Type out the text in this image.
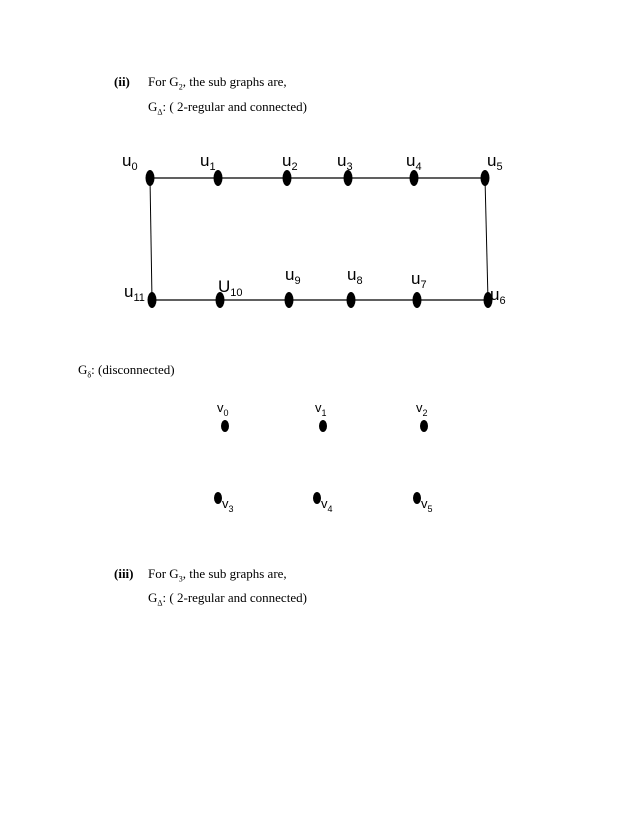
(ii) For $G_2$, the sub graphs are,
$G_\Delta$: ( 2-regular and connected)
$u_0$	$u_1$	$u_2$ $u_3$	$u_4$	$u_5$
$u_{11}$
$U_{10}$
$u_9$	$u_8$	$u_7$	$u_6$
$G_\delta$: (disconnected)
$v_0$	$v_1$	$v_2$
$v_3$	$v_4$	$v_5$
(iii) For $G_3$, the sub graphs are,
$G_\Delta$: ( 2-regular and connected)
